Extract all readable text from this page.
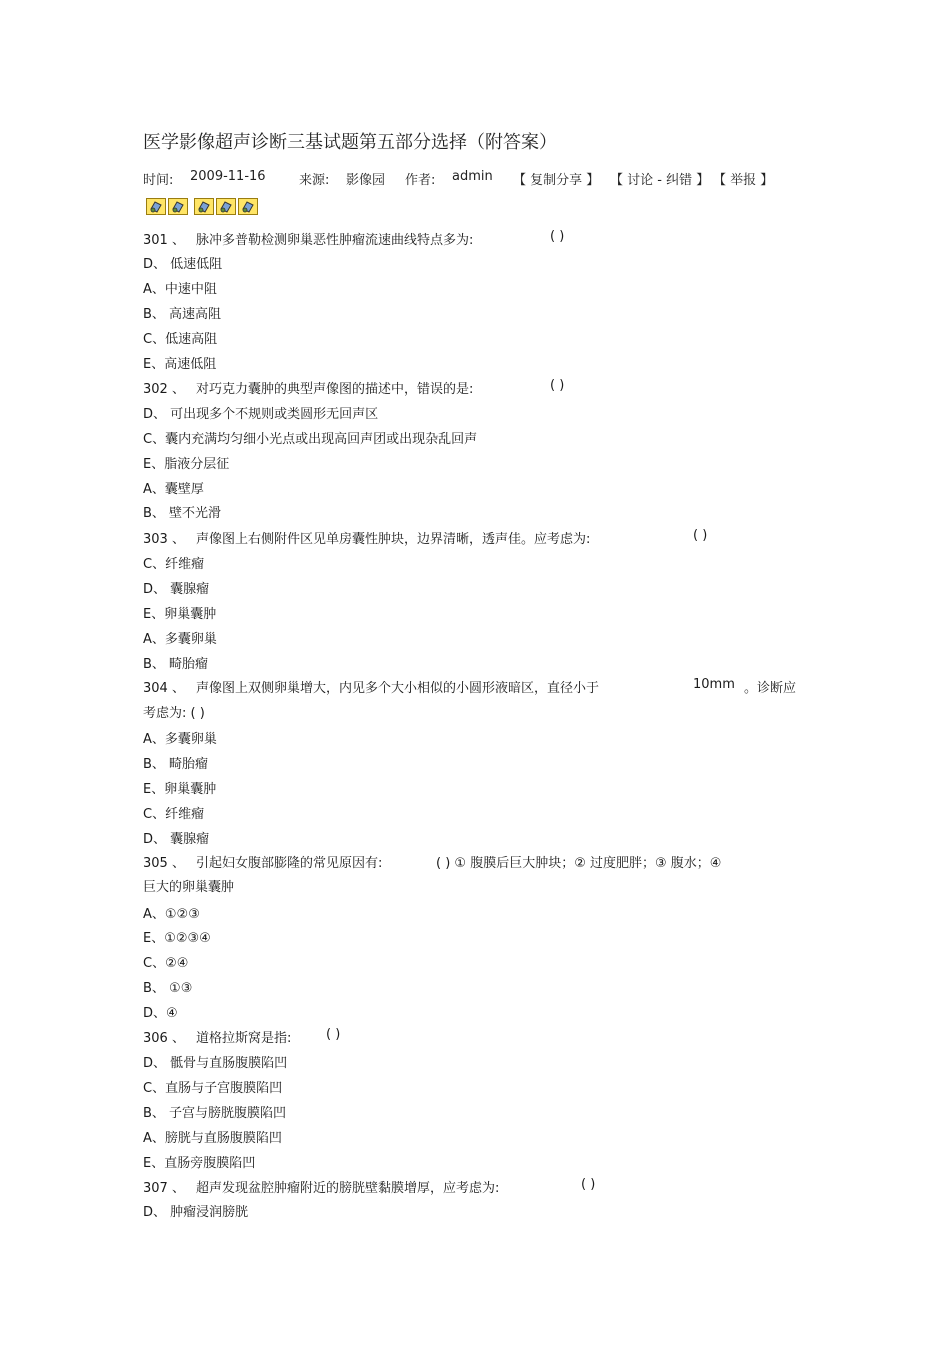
医学影像超声诊断三基试题第五部分选择（附答案）
时间: 2009-11-16	来源: 影像园 作者: admin 【 复制分享 】 【 讨论 - 纠错 】 【 举报 】
301 、 脉冲多普勒检测卵巢恶性肿瘤流速曲线特点多为:	( )
D、 低速低阻
A、中速中阻
B、 高速高阻
C、低速高阻
E、高速低阻
302 、 对巧克力囊肿的典型声像图的描述中，错误的是:	( )
D、 可出现多个不规则或类圆形无回声区
C、囊内充满均匀细小光点或出现高回声团或出现杂乱回声
E、脂液分层征
A、囊壁厚
B、 壁不光滑
303 、 声像图上右侧附件区见单房囊性肿块，边界清晰，透声佳。应考虑为:	( )
C、纤维瘤
D、 囊腺瘤
E、卵巢囊肿
A、多囊卵巢
B、 畸胎瘤
304 、 声像图上双侧卵巢增大，内见多个大小相似的小圆形液暗区，直径小于	10mm 。诊断应
考虑为: ( )
A、多囊卵巢
B、 畸胎瘤
E、卵巢囊肿
C、纤维瘤
D、 囊腺瘤
305 、 引起妇女腹部膨隆的常见原因有:	( ) ① 腹膜后巨大肿块；② 过度肥胖；③ 腹水；④
巨大的卵巢囊肿
A、①②③
E、①②③④
C、②④
B、 ①③
D、④
306 、 道格拉斯窝是指:	( )
D、 骶骨与直肠腹膜陷凹
C、直肠与子宫腹膜陷凹
B、 子宫与膀胱腹膜陷凹
A、膀胱与直肠腹膜陷凹
E、直肠旁腹膜陷凹
307 、 超声发现盆腔肿瘤附近的膀胱壁黏膜增厚，应考虑为:	( )
D、 肿瘤浸润膀胱
